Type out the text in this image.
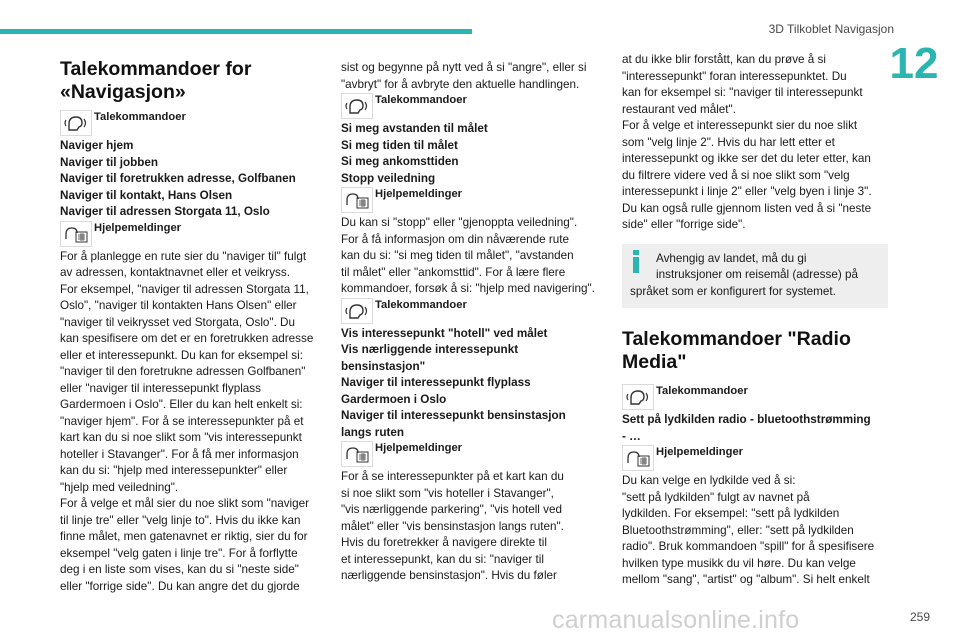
3D Tilkoblet Navigasjon
12
Talekommandoer for «Navigasjon»
Talekommandoer
Naviger hjem
Naviger til jobben
Naviger til foretrukken adresse, Golfbanen
Naviger til kontakt, Hans Olsen
Naviger til adressen Storgata 11, Oslo
Hjelpemeldinger
For å planlegge en rute sier du "naviger til" fulgt
av adressen, kontaktnavnet eller et veikryss.
For eksempel, "naviger til adressen Storgata 11,
Oslo", "naviger til kontakten Hans Olsen" eller
"naviger til veikrysset ved Storgata, Oslo". Du
kan spesifisere om det er en foretrukken adresse
eller et interessepunkt. Du kan for eksempel si:
"naviger til den foretrukne adressen Golfbanen"
eller "naviger til interessepunkt flyplass
Gardermoen i Oslo". Eller du kan helt enkelt si:
"naviger hjem". For å se interessepunkter på et
kart kan du si noe slikt som "vis interessepunkt
hoteller i Stavanger". For å få mer informasjon
kan du si: "hjelp med interessepunkter" eller
"hjelp med veiledning".
For å velge et mål sier du noe slikt som "naviger
til linje tre" eller "velg linje to". Hvis du ikke kan
finne målet, men gatenavnet er riktig, sier du for
eksempel "velg gaten i linje tre". For å forflytte
deg i en liste som vises, kan du si "neste side"
eller "forrige side". Du kan angre det du gjorde
sist og begynne på nytt ved å si "angre", eller si
"avbryt" for å avbryte den aktuelle handlingen.
Talekommandoer
Si meg avstanden til målet
Si meg tiden til målet
Si meg ankomsttiden
Stopp veiledning
Hjelpemeldinger
Du kan si "stopp" eller "gjenoppta veiledning".
For å få informasjon om din nåværende rute
kan du si: "si meg tiden til målet", "avstanden
til målet" eller "ankomsttid". For å lære flere
kommandoer, forsøk å si: "hjelp med navigering".
Talekommandoer
Vis interessepunkt "hotell" ved målet
Vis nærliggende interessepunkt
bensinstasjon"
Naviger til interessepunkt flyplass
Gardermoen i Oslo
Naviger til interessepunkt bensinstasjon
langs ruten
Hjelpemeldinger
For å se interessepunkter på et kart kan du
si noe slikt som "vis hoteller i Stavanger",
"vis nærliggende parkering", "vis hotell ved
målet" eller "vis bensinstasjon langs ruten".
Hvis du foretrekker å navigere direkte til
et interessepunkt, kan du si: "naviger til
nærliggende bensinstasjon". Hvis du føler
at du ikke blir forstått, kan du prøve å si
"interessepunkt" foran interessepunktet. Du
kan for eksempel si: "naviger til interessepunkt
restaurant ved målet".
For å velge et interessepunkt sier du noe slikt
som "velg linje 2". Hvis du har lett etter et
interessepunkt og ikke ser det du leter etter, kan
du filtrere videre ved å si noe slikt som "velg
interessepunkt i linje 2" eller "velg byen i linje 3".
Du kan også rulle gjennom listen ved å si "neste
side" eller "forrige side".
Avhengig av landet, må du gi
instruksjoner om reisemål (adresse) på
språket som er konfigurert for systemet.
Talekommandoer "Radio Media"
Talekommandoer
Sett på lydkilden radio - bluetoothstrømming
- …
Hjelpemeldinger
Du kan velge en lydkilde ved å si:
"sett på lydkilden" fulgt av navnet på
lydkilden. For eksempel: "sett på lydkilden
Bluetoothstrømming", eller: "sett på lydkilden
radio". Bruk kommandoen "spill" for å spesifisere
hvilken type musikk du vil høre. Du kan velge
mellom "sang", "artist" og "album". Si helt enkelt
carmanualsonline.info	259
